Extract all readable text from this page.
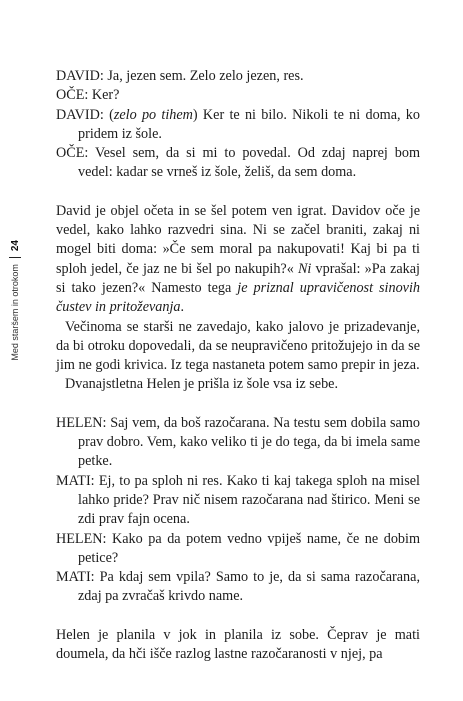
Med staršem in otrokom
24

DAVID: Ja, jezen sem. Zelo zelo jezen, res.

OČE: Ker?

DAVID: (zelo po tihem) Ker te ni bilo. Nikoli te ni doma, ko pridem iz šole.

OČE: Vesel sem, da si mi to povedal. Od zdaj naprej bom vedel: kadar se vrneš iz šole, želiš, da sem doma.

David je objel očeta in se šel potem ven igrat. Davidov oče je vedel, kako lahko razvedri sina. Ni se začel braniti, zakaj ni mogel biti doma: »Če sem moral pa nakupovati! Kaj bi pa ti sploh jedel, če jaz ne bi šel po nakupih?« Ni vprašal: »Pa zakaj si tako jezen?« Namesto tega je priznal upravičenost sinovih čustev in pritoževanja.

Večinoma se starši ne zavedajo, kako jalovo je prizadevanje, da bi otroku dopovedali, da se neupravičeno pritožujejo in da se jim ne godi krivica. Iz tega nastaneta potem samo prepir in jeza.

Dvanajstletna Helen je prišla iz šole vsa iz sebe.

HELEN: Saj vem, da boš razočarana. Na testu sem dobila samo prav dobro. Vem, kako veliko ti je do tega, da bi imela same petke.

MATI: Ej, to pa sploh ni res. Kako ti kaj takega sploh na misel lahko pride? Prav nič nisem razočarana nad štirico. Meni se zdi prav fajn ocena.

HELEN: Kako pa da potem vedno vpiješ name, če ne dobim petice?

MATI: Pa kdaj sem vpila? Samo to je, da si sama razočarana, zdaj pa zvračaš krivdo name.

Helen je planila v jok in planila iz sobe. Čeprav je mati doumela, da hči išče razlog lastne razočaranosti v njej, pa
